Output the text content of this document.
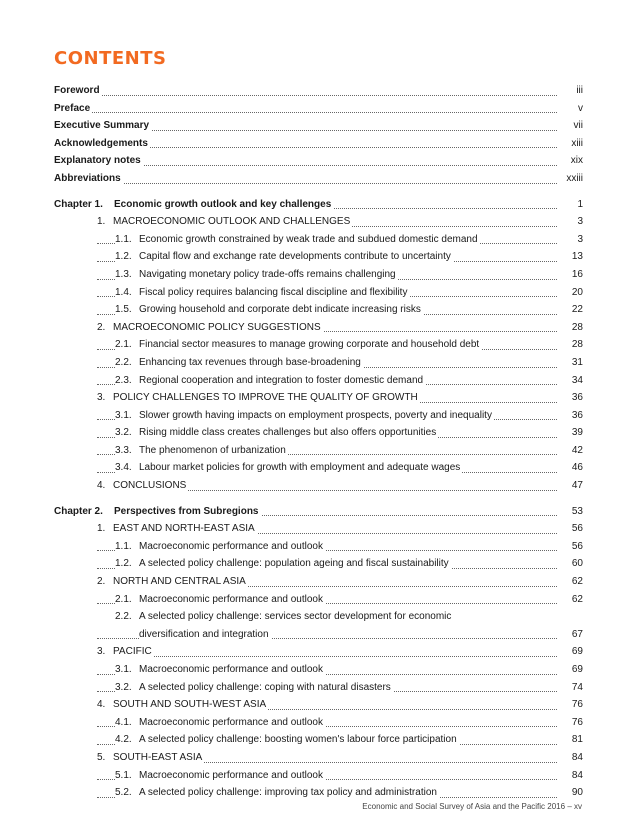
CONTENTS
Foreword	iii
Preface	v
Executive Summary	vii
Acknowledgements	xiii
Explanatory notes	xix
Abbreviations	xxiii
Chapter 1. Economic growth outlook and key challenges	1
1. MACROECONOMIC OUTLOOK AND CHALLENGES	3
1.1. Economic growth constrained by weak trade and subdued domestic demand	3
1.2. Capital flow and exchange rate developments contribute to uncertainty	13
1.3. Navigating monetary policy trade-offs remains challenging	16
1.4. Fiscal policy requires balancing fiscal discipline and flexibility	20
1.5. Growing household and corporate debt indicate increasing risks	22
2. MACROECONOMIC POLICY SUGGESTIONS	28
2.1. Financial sector measures to manage growing corporate and household debt	28
2.2. Enhancing tax revenues through base-broadening	31
2.3. Regional cooperation and integration to foster domestic demand	34
3. POLICY CHALLENGES TO IMPROVE THE QUALITY OF GROWTH	36
3.1. Slower growth having impacts on employment prospects, poverty and inequality	36
3.2. Rising middle class creates challenges but also offers opportunities	39
3.3. The phenomenon of urbanization	42
3.4. Labour market policies for growth with employment and adequate wages	46
4. CONCLUSIONS	47
Chapter 2. Perspectives from Subregions	53
1. EAST AND NORTH-EAST ASIA	56
1.1. Macroeconomic performance and outlook	56
1.2. A selected policy challenge: population ageing and fiscal sustainability	60
2. NORTH AND CENTRAL ASIA	62
2.1. Macroeconomic performance and outlook	62
2.2. A selected policy challenge: services sector development for economic
diversification and integration	67
3. PACIFIC	69
3.1. Macroeconomic performance and outlook	69
3.2. A selected policy challenge: coping with natural disasters	74
4. SOUTH AND SOUTH-WEST ASIA	76
4.1. Macroeconomic performance and outlook	76
4.2. A selected policy challenge: boosting women's labour force participation	81
5. SOUTH-EAST ASIA	84
5.1. Macroeconomic performance and outlook	84
5.2. A selected policy challenge: improving tax policy and administration	90
Economic and Social Survey of Asia and the Pacific 2016 – xv
